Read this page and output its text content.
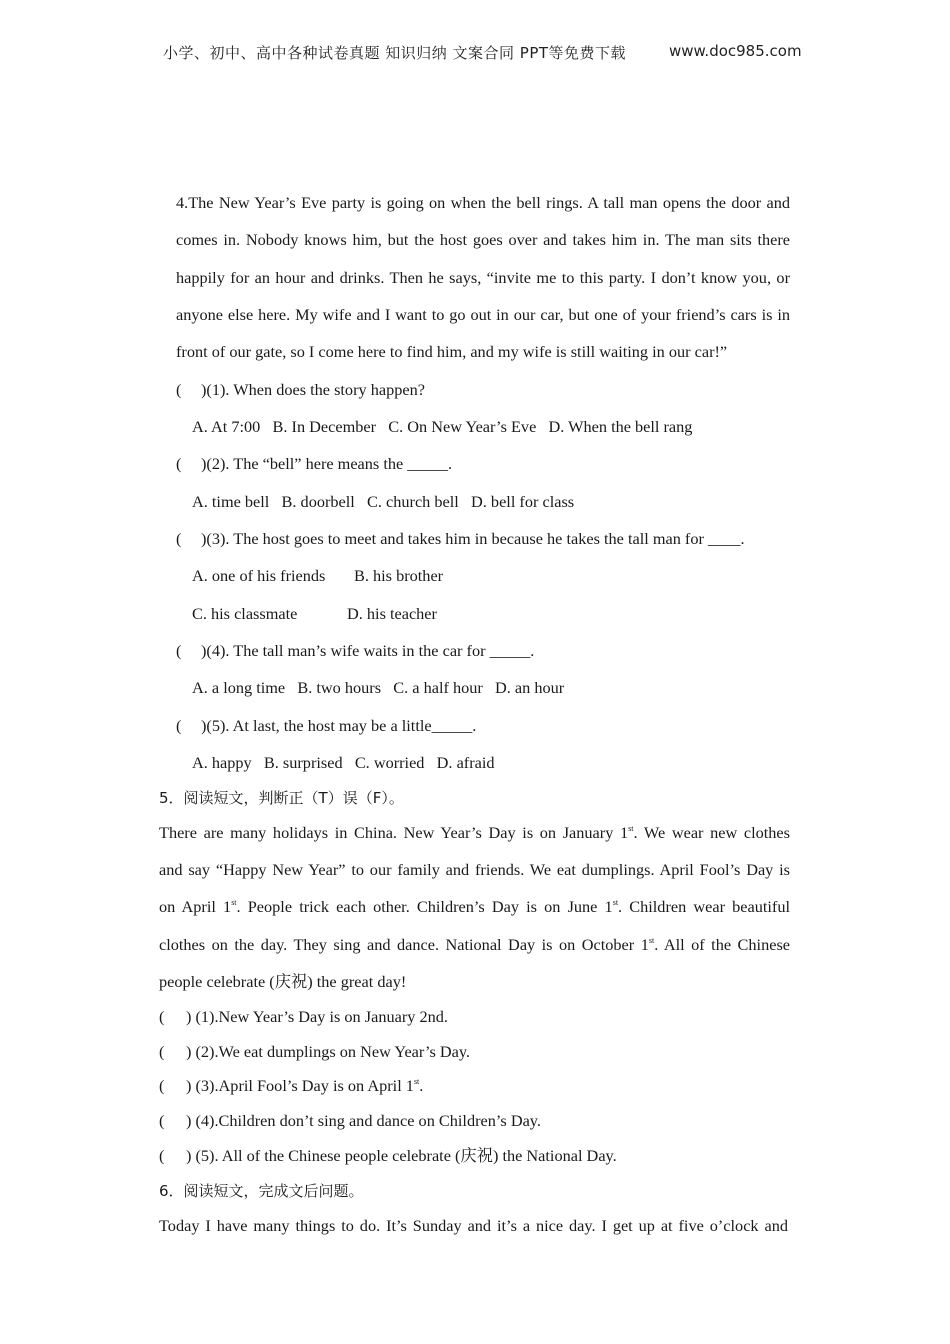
小学、初中、高中各种试卷真题 知识归纳 文案合同 PPT等免费下载	www.doc985.com
4.The New Year’s Eve party is going on when the bell rings. A tall man opens the door and
comes in. Nobody knows him, but the host goes over and takes him in. The man sits there
happily for an hour and drinks. Then he says, “invite me to this party. I don’t know you, or
anyone else here. My wife and I want to go out in our car, but one of your friend’s cars is in
front of our gate, so I come here to find him, and my wife is still waiting in our car!”
( )(1). When does the story happen?
A. At 7:00 B. In December C. On New Year’s Eve D. When the bell rang
( )(2). The “bell” here means the _____.
A. time bell B. doorbell C. church bell D. bell for class
( )(3). The host goes to meet and takes him in because he takes the tall man for ____.
A. one of his friends B. his brother
C. his classmate	D. his teacher
( )(4). The tall man’s wife waits in the car for _____.
A. a long time B. two hours C. a half hour D. an hour
( )(5). At last, the host may be a little_____.
A. happy B. surprised C. worried D. afraid
5．阅读短文，判断正（T）误（F）。
There are many holidays in China. New Year’s Day is on January 1st. We wear new clothes
and say “Happy New Year” to our family and friends. We eat dumplings. April Fool’s Day is
on April 1st. People trick each other. Children’s Day is on June 1st. Children wear beautiful
clothes on the day. They sing and dance. National Day is on October 1st. All of the Chinese
people celebrate (庆祝) the great day!
( ) (1).New Year’s Day is on January 2nd.
( ) (2).We eat dumplings on New Year’s Day.
( ) (3).April Fool’s Day is on April 1st.
( ) (4).Children don’t sing and dance on Children’s Day.
( ) (5). All of the Chinese people celebrate (庆祝) the National Day.
6．阅读短文，完成文后问题。
Today I have many things to do. It’s Sunday and it’s a nice day. I get up at five o’clock and
